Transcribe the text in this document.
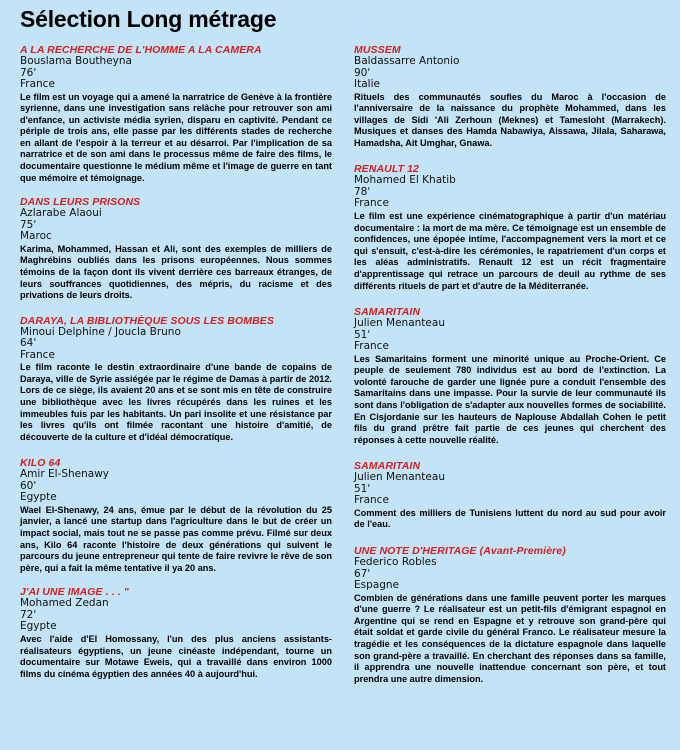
Sélection Long métrage
A LA RECHERCHE DE L'HOMME A LA CAMERA
Bouslama Boutheyna
76'
France
Le film est un voyage qui a amené la narratrice de Genève à la frontière syrienne, dans une investigation sans relâche pour retrouver son ami d'enfance, un activiste média syrien, disparu en captivité. Pendant ce périple de trois ans, elle passe par les différents stades de recherche en allant de l'espoir à la terreur et au désarroi. Par l'implication de sa narratrice et de son ami dans le processus même de faire des films, le documentaire questionne le médium même et l'image de guerre en tant que mémoire et témoignage.
DANS LEURS PRISONS
Azlarabe Alaoui
75'
Maroc
Karima, Mohammed, Hassan et Ali, sont des exemples de milliers de Maghrébins oubliés dans les prisons européennes. Nous sommes témoins de la façon dont ils vivent derrière ces barreaux étranges, de leurs souffrances quotidiennes, des mépris, du racisme et des privations de leurs droits.
DARAYA, LA BIBLIOTHÈQUE SOUS LES BOMBES
Minoui Delphine / Joucla Bruno
64'
France
Le film raconte le destin extraordinaire d'une bande de copains de Daraya, ville de Syrie assiégée par le régime de Damas à partir de 2012. Lors de ce siège, ils avaient 20 ans et se sont mis en tête de construire une bibliothèque avec les livres récupérés dans les ruines et les immeubles fuis par les habitants. Un pari insolite et une résistance par les livres qu'ils ont filmée racontant une histoire d'amitié, de découverte de la culture et d'idéal démocratique.
KILO 64
Amir El-Shenawy
60'
Egypte
Wael El-Shenawy, 24 ans, émue par le début de la révolution du 25 janvier, a lancé une startup dans l'agriculture dans le but de créer un impact social, mais tout ne se passe pas comme prévu. Filmé sur deux ans, Kilo 64 raconte l'histoire de deux générations qui suivent le parcours du jeune entrepreneur qui tente de faire revivre le rêve de son père, qui a fait la même tentative il ya 20 ans.
J'AI UNE IMAGE . . . "
Mohamed Zedan
72'
Egypte
Avec l'aide d'El Homossany, l'un des plus anciens assistants-réalisateurs égyptiens, un jeune cinéaste indépendant, tourne un documentaire sur Motawe Eweis, qui a travaillé dans environ 1000 films du cinéma égyptien des années 40 à aujourd'hui.
MUSSEM
Baldassarre Antonio
90'
Italie
Rituels des communautés soufies du Maroc à l'occasion de l'anniversaire de la naissance du prophète Mohammed, dans les villages de Sidi 'Ali Zerhoun (Meknes) et Tamesloht (Marrakech). Musiques et danses des Hamda Nabawiya, Aissawa, Jilala, Saharawa, Hamadsha, Ait Umghar, Gnawa.
RENAULT 12
Mohamed El Khatib
78'
France
Le film est une expérience cinématographique à partir d'un matériau documentaire : la mort de ma mère. Ce témoignage est un ensemble de confidences, une épopée intime, l'accompagnement vers la mort et ce qui s'ensuit, c'est-à-dire les cérémonies, le rapatriement d'un corps et les aléas administratifs. Renault 12 est un récit fragmentaire d'apprentissage qui retrace un parcours de deuil au rythme de ses différents rituels de part et d'autre de la Méditerranée.
SAMARITAIN
Julien Menanteau
51'
France
Les Samaritains forment une minorité unique au Proche-Orient. Ce peuple de seulement 780 individus est au bord de l'extinction. La volonté farouche de garder une lignée pure a conduit l'ensemble des Samaritains dans une impasse. Pour la survie de leur communauté ils sont dans l'obligation de s'adapter aux nouvelles formes de sociabilité. En Cisjordanie sur les hauteurs de Naplouse Abdallah Cohen le petit fils du grand prêtre fait partie de ces jeunes qui cherchent des réponses à cette nouvelle réalité.
SAMARITAIN
Julien Menanteau
51'
France
Comment des milliers de Tunisiens luttent du nord au sud pour avoir de l'eau.
UNE NOTE D'HERITAGE (Avant-Première)
Federico Robles
67'
Espagne
Combien de générations dans une famille peuvent porter les marques d'une guerre ? Le réalisateur est un petit-fils d'émigrant espagnol en Argentine qui se rend en Espagne et y retrouve son grand-père qui était soldat et garde civile du général Franco. Le réalisateur mesure la tragédie et les conséquences de la dictature espagnole dans laquelle son grand-père a travaillé. En cherchant des réponses dans sa famille, il apprendra une nouvelle inattendue concernant son père, et tout prendra une autre dimension.
